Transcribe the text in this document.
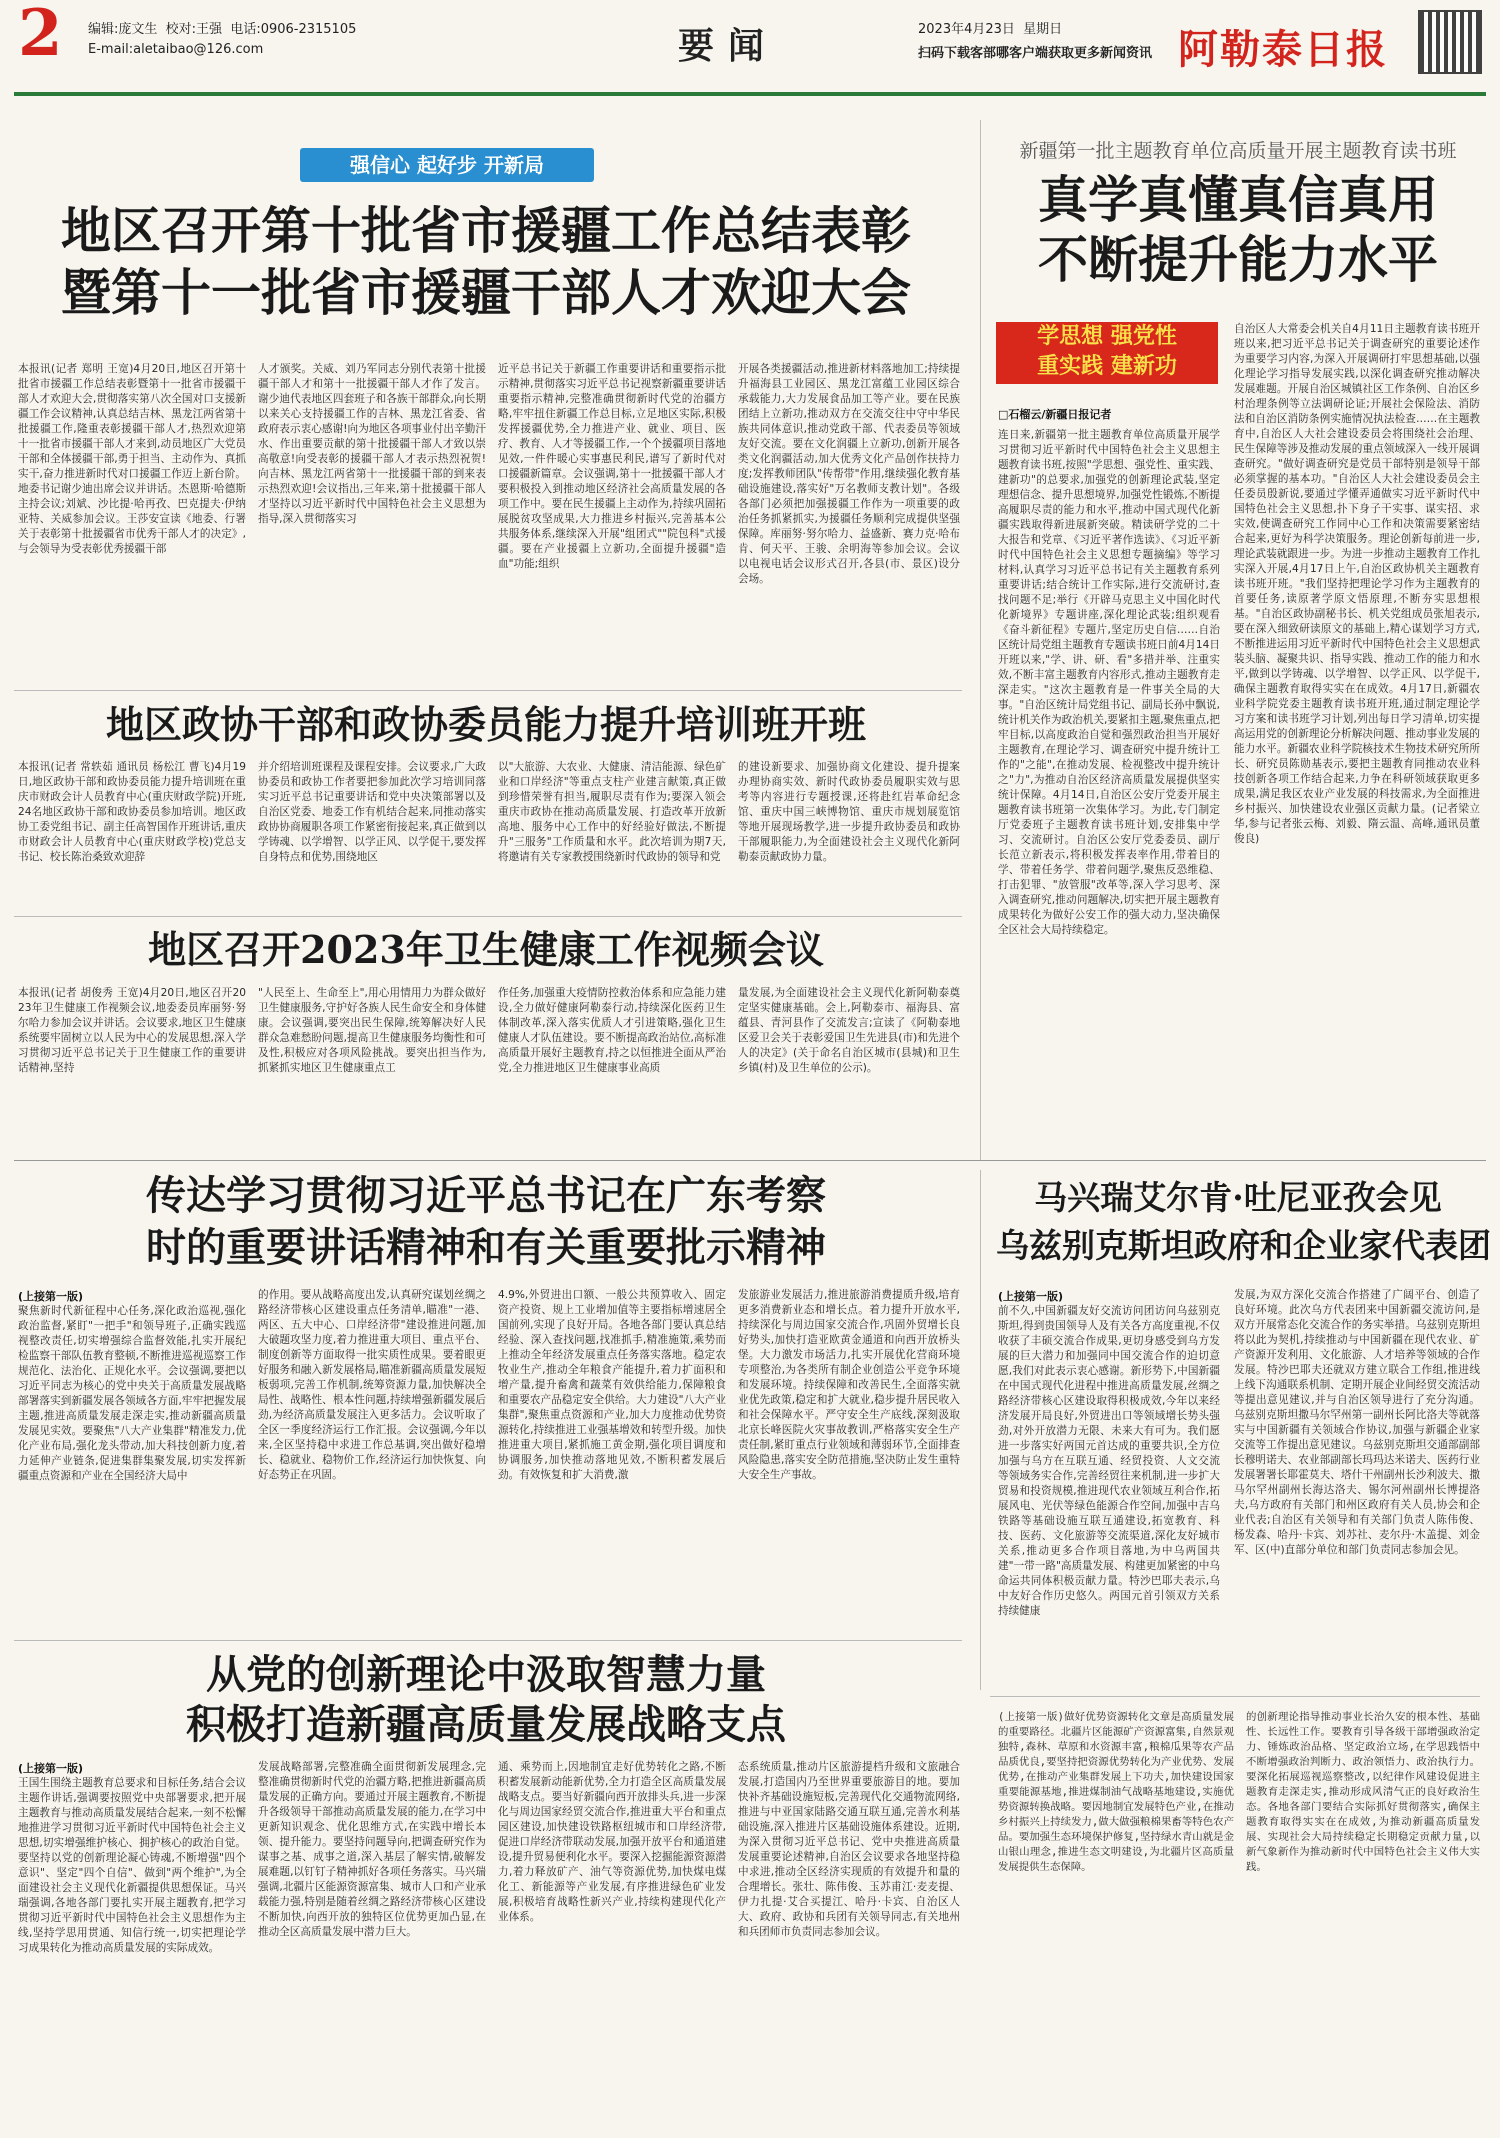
2 编辑:庞文生 校对:王强 电话:0906-2315105
E-mail:aletaibao@126.com	要闻	2023年4月23日 星期日
扫码下载客部哪客户端获取更多新闻资讯 阿勒泰日报
强信心 起好步 开新局
地区召开第十批省市援疆工作总结表彰
暨第十一批省市援疆干部人才欢迎大会
本报讯(记者 郑明 王宽)4月20日,地区召开第十批省市援疆工作总结表彰暨第十一批省市援疆干部人才欢迎大会,贯彻落实第八次全国对口支援新疆工作会议精神,认真总结吉林、黑龙江两省第十批援疆工作,隆重表彰援疆干部人才,热烈欢迎第十一批省市援疆干部人才来到,动员地区广大党员干部和全体援疆干部,勇于担当、主动作为、真抓实干,奋力推进新时代对口援疆工作迈上新台阶。地委书记谢少迪出席会议并讲话。杰恩斯·哈德斯主持会议;刘斌、沙比提·哈再孜、巴克提夫·伊纳亚特、关威参加会议。王莎安宣读《地委、行署关于表彰第十批援疆省市优秀干部人才的决定》,与会领导为受表彰优秀援疆干部
人才颁奖。关威、刘乃军同志分别代表第十批援疆干部人才和第十一批援疆干部人才作了发言。谢少迪代表地区四套班子和各族干部群众,向长期以来关心支持援疆工作的吉林、黑龙江省委、省政府表示衷心感谢!向为地区各项事业付出辛勤汗水、作出重要贡献的第十批援疆干部人才致以崇高敬意!向受表彰的援疆干部人才表示热烈祝贺!向吉林、黑龙江两省第十一批援疆干部的到来表示热烈欢迎!会议指出,三年来,第十批援疆干部人才坚持以习近平新时代中国特色社会主义思想为指导,深入贯彻落实习
近平总书记关于新疆工作重要讲话和重要指示批示精神,贯彻落实习近平总书记视察新疆重要讲话重要指示精神,完整准确贯彻新时代党的治疆方略,牢牢扭住新疆工作总目标,立足地区实际,积极发挥援疆优势,全力推进产业、就业、项目、医疗、教育、人才等援疆工作,一个个援疆项目落地见效,一件件暖心实事惠民利民,谱写了新时代对口援疆新篇章。会议强调,第十一批援疆干部人才要积极投入到推动地区经济社会高质量发展的各项工作中。要在民生援疆上主动作为,持续巩固拓展脱贫攻坚成果,大力推进乡村振兴,完善基本公共服务体系,继续深入开展"组团式""院包科"式援疆。要在产业援疆上立新功,全面提升援疆"造血"功能;组织
开展各类援疆活动,推进新材料落地加工;持续提升福海县工业园区、黑龙江富蕴工业园区综合承载能力,大力发展食品加工等产业。要在民族团结上立新功,推动双方在交流交往中守中华民族共同体意识,推动党政干部、代表委员等领域友好交流。要在文化润疆上立新功,创新开展各类文化润疆活动,加大优秀文化产品创作扶持力度;发挥教师团队"传帮带"作用,继续强化教育基础设施建设,落实好"万名教师支教计划"。各级各部门必须把加强援疆工作作为一项重要的政治任务抓紧抓实,为援疆任务顺利完成提供坚强保障。库丽努·努尔哈力、益盛新、赛力克·哈布肯、何天平、王骏、余明海等参加会议。会议以电视电话会议形式召开,各县(市、景区)设分会场。
地区政协干部和政协委员能力提升培训班开班
本报讯(记者 常轶茹 通讯员 杨松江 曹飞)4月19日,地区政协干部和政协委员能力提升培训班在重庆市财政会计人员教育中心(重庆财政学院)开班,24名地区政协干部和政协委员参加培训。地区政协工委党组书记、副主任高智国作开班讲话,重庆市财政会计人员教育中心(重庆财政学校)党总支书记、校长陈治桑致欢迎辞
并介绍培训班课程及课程安排。会议要求,广大政协委员和政协工作者要把参加此次学习培训同落实习近平总书记重要讲话和党中央决策部署以及自治区党委、地委工作有机结合起来,同推动落实政协协商履职各项工作紧密衔接起来,真正做到以学铸魂、以学增智、以学正风、以学促干,要发挥自身特点和优势,围绕地区
以"大旅游、大农业、大健康、清洁能源、绿色矿业和口岸经济"等重点支柱产业建言献策,真正做到珍惜荣誉有担当,履职尽责有作为;要深入领会重庆市政协在推动高质量发展、打造改革开放新高地、服务中心工作中的好经验好做法,不断提升"三服务"工作质量和水平。此次培训为期7天,将邀请有关专家教授围绕新时代政协的领导和党
的建设新要求、加强协商文化建设、提升提案办理协商实效、新时代政协委员履职实效与思考等内容进行专题授课,还将赴红岩革命纪念馆、重庆中国三峡博物馆、重庆市规划展览馆等地开展现场教学,进一步提升政协委员和政协干部履职能力,为全面建设社会主义现代化新阿勒泰贡献政协力量。
地区召开2023年卫生健康工作视频会议
本报讯(记者 胡俊秀 王宽)4月20日,地区召开2023年卫生健康工作视频会议,地委委员库丽努·努尔哈力参加会议并讲话。会议要求,地区卫生健康系统要牢固树立以人民为中心的发展思想,深入学习贯彻习近平总书记关于卫生健康工作的重要讲话精神,坚持
"人民至上、生命至上",用心用情用力为群众做好卫生健康服务,守护好各族人民生命安全和身体健康。会议强调,要突出民生保障,统筹解决好人民群众急难愁盼问题,提高卫生健康服务均衡性和可及性,积极应对各项风险挑战。要突出担当作为,抓紧抓实地区卫生健康重点工
作任务,加强重大疫情防控救治体系和应急能力建设,全力做好健康阿勒泰行动,持续深化医药卫生体制改革,深入落实优质人才引进策略,强化卫生健康人才队伍建设。要不断提高政治站位,高标准高质量开展好主题教育,持之以恒推进全面从严治党,全力推进地区卫生健康事业高质
量发展,为全面建设社会主义现代化新阿勒泰奠定坚实健康基础。会上,阿勒泰市、福海县、富蕴县、青河县作了交流发言;宣读了《阿勒泰地区爱卫会关于表彰爱国卫生先进县(市)和先进个人的决定》(关于命名自治区城市(县城)和卫生乡镇(村)及卫生单位的公示)。
新疆第一批主题教育单位高质量开展主题教育读书班
真学真懂真信真用
不断提升能力水平
学思想 强党性
重实践 建新功
□石榴云/新疆日报记者
连日来,新疆第一批主题教育单位高质量开展学习贯彻习近平新时代中国特色社会主义思想主题教育读书班,按照"学思想、强党性、重实践、建新功"的总要求,加强党的创新理论武装,坚定理想信念、提升思想境界,加强党性锻炼,不断提高履职尽责的能力和水平,推动中国式现代化新疆实践取得新进展新突破。精读研学党的二十大报告和党章、《习近平著作选读》、《习近平新时代中国特色社会主义思想专题摘编》等学习材料,认真学习习近平总书记有关主题教育系列重要讲话;结合统计工作实际,进行交流研讨,查找问题不足;举行《开辟马克思主义中国化时代化新境界》专题讲座,深化理论武装;组织观看《奋斗新征程》专题片,坚定历史自信……自治区统计局党组主题教育专题读书班日前4月14日开班以来,"学、讲、研、看"多措并举、注重实效,不断丰富主题教育内容形式,推动主题教育走深走实。"这次主题教育是一件事关全局的大事。"自治区统计局党组书记、副局长孙中飘说,统计机关作为政治机关,要紧扣主题,聚焦重点,把牢目标,以高度政治自觉和强烈政治担当开展好主题教育,在理论学习、调查研究中提升统计工作的"之能",在推动发展、检视整改中提升统计之"力",为推动自治区经济高质量发展提供坚实统计保障。4月14日,自治区公安厅党委开展主题教育读书班第一次集体学习。为此,专门制定厅党委班子主题教育读书班计划,安排集中学习、交流研讨。自治区公安厅党委委员、副厅长范立新表示,将积极发挥表率作用,带着目的学、带着任务学、带着问题学,聚焦反恐维稳、打击犯罪、"放管服"改革等,深入学习思考、深入调查研究,推动问题解决,切实把开展主题教育成果转化为做好公安工作的强大动力,坚决确保全区社会大局持续稳定。
自治区人大常委会机关自4月11日主题教育读书班开班以来,把习近平总书记关于调查研究的重要论述作为重要学习内容,为深入开展调研打牢思想基础,以强化理论学习指导发展实践,以深化调查研究推动解决发展难题。开展自治区城镇社区工作条例、自治区乡村治理条例等立法调研论证;开展社会保险法、消防法和自治区消防条例实施情况执法检查……在主题教育中,自治区人大社会建设委员会将围绕社会治理、民生保障等涉及推动发展的重点领域深入一线开展调查研究。"做好调查研究是党员干部特别是领导干部必须掌握的基本功。"自治区人大社会建设委员会主任委员殷新说,要通过学懂弄通做实习近平新时代中国特色社会主义思想,扑下身子干实事、谋实招、求实效,使调查研究工作同中心工作和决策需要紧密结合起来,更好为科学决策服务。理论创新每前进一步,理论武装就跟进一步。为进一步推动主题教育工作扎实深入开展,4月17日上午,自治区政协机关主题教育读书班开班。"我们坚持把理论学习作为主题教育的首要任务,读原著学原文悟原理,不断夯实思想根基。"自治区政协副秘书长、机关党组成员张旭表示,要在深入细致研读原文的基础上,精心谋划学习方式,不断推进运用习近平新时代中国特色社会主义思想武装头脑、凝聚共识、指导实践、推动工作的能力和水平,做到以学铸魂、以学增智、以学正风、以学促干,确保主题教育取得实实在在成效。4月17日,新疆农业科学院党委主题教育读书班开班,通过制定理论学习方案和读书班学习计划,列出每日学习清单,切实提高运用党的创新理论分析解决问题、推动事业发展的能力水平。新疆农业科学院核技术生物技术研究所所长、研究员陈勋基表示,要把主题教育同推动农业科技创新各项工作结合起来,力争在科研领域获取更多成果,满足我区农业产业发展的科技需求,为全面推进乡村振兴、加快建设农业强区贡献力量。(记者梁立华,参与记者张云梅、刘毅、隋云温、高峰,通讯员董俊良)
传达学习贯彻习近平总书记在广东考察
时的重要讲话精神和有关重要批示精神
(上接第一版)
聚焦新时代新征程中心任务,深化政治巡视,强化政治监督,紧盯"一把手"和领导班子,正确实践巡视整改责任,切实增强综合监督效能,扎实开展纪检监察干部队伍教育整顿,不断推进巡视巡察工作规范化、法治化、正规化水平。会议强调,要把以习近平同志为核心的党中央关于高质量发展战略部署落实到新疆发展各领域各方面,牢牢把握发展主题,推进高质量发展走深走实,推动新疆高质量发展见实效。要聚焦"八大产业集群"精准发力,优化产业布局,强化龙头带动,加大科技创新力度,着力延伸产业链条,促进集群集聚发展,切实发挥新疆重点资源和产业在全国经济大局中
的作用。要从战略高度出发,认真研究谋划丝绸之路经济带核心区建设重点任务清单,瞄准"一港、两区、五大中心、口岸经济带"建设推进问题,加大破题攻坚力度,着力推进重大项目、重点平台、制度创新等方面取得一批实质性成果。要着眼更好服务和融入新发展格局,瞄准新疆高质量发展短板弱项,完善工作机制,统筹资源力量,加快解决全局性、战略性、根本性问题,持续增强新疆发展后劲,为经济高质量发展注入更多活力。会议听取了全区一季度经济运行工作汇报。会议强调,今年以来,全区坚持稳中求进工作总基调,突出做好稳增长、稳就业、稳物价工作,经济运行加快恢复、向好态势正在巩固。
4.9%,外贸进出口额、一般公共预算收入、固定资产投资、规上工业增加值等主要指标增速居全国前列,实现了良好开局。各地各部门要认真总结经验、深入查找问题,找准抓手,精准施策,乘势而上推动全年经济发展重点任务落实落地。稳定农牧业生产,推动全年粮食产能提升,着力扩面积和增产量,提升畜禽和蔬菜有效供给能力,保障粮食和重要农产品稳定安全供给。大力建设"八大产业集群",聚焦重点资源和产业,加大力度推动优势资源转化,持续推进工业强基增效和转型升级。加快推进重大项目,紧抓施工黄金期,强化项目调度和协调服务,加快推动落地见效,不断积蓄发展后劲。有效恢复和扩大消费,激
发旅游业发展活力,推进旅游消费提质升级,培育更多消费新业态和增长点。着力提升开放水平,持续深化与周边国家交流合作,巩固外贸增长良好势头,加快打造亚欧黄金通道和向西开放桥头堡。大力激发市场活力,扎实开展优化营商环境专项整治,为各类所有制企业创造公平竞争环境和发展环境。持续保障和改善民生,全面落实就业优先政策,稳定和扩大就业,稳步提升居民收入和社会保障水平。严守安全生产底线,深刻汲取北京长峰医院火灾事故教训,严格落实安全生产责任制,紧盯重点行业领域和薄弱环节,全面排查风险隐患,落实安全防范措施,坚决防止发生重特大安全生产事故。
马兴瑞艾尔肯·吐尼亚孜会见
乌兹别克斯坦政府和企业家代表团
(上接第一版)
前不久,中国新疆友好交流访问团访问乌兹别克斯坦,得到贵国领导人及有关各方高度重视,不仅收获了丰硕交流合作成果,更切身感受到乌方发展的巨大潜力和加强同中国交流合作的迫切意愿,我们对此表示衷心感谢。新形势下,中国新疆在中国式现代化进程中推进高质量发展,丝绸之路经济带核心区建设取得积极成效,今年以来经济发展开局良好,外贸进出口等领域增长势头强劲,对外开放潜力无限、未来大有可为。我们愿进一步落实好两国元首达成的重要共识,全方位加强与乌方在互联互通、经贸投资、人文交流等领域务实合作,完善经贸往来机制,进一步扩大贸易和投资规模,推进现代农业领域互利合作,拓展风电、光伏等绿色能源合作空间,加强中吉乌铁路等基础设施互联互通建设,拓宽教育、科技、医药、文化旅游等交流渠道,深化友好城市关系,推动更多合作项目落地,为中乌两国共建"一带一路"高质量发展、构建更加紧密的中乌命运共同体积极贡献力量。特沙巴耶夫表示,乌中友好合作历史悠久。两国元首引领双方关系持续健康
发展,为双方深化交流合作搭建了广阔平台、创造了良好环境。此次乌方代表团来中国新疆交流访问,是双方开展常态化交流合作的务实举措。乌兹别克斯坦将以此为契机,持续推动与中国新疆在现代农业、矿产资源开发利用、文化旅游、人才培养等领域的合作发展。特沙巴耶夫还就双方建立联合工作组,推进线上线下沟通联系机制、定期开展企业间经贸交流活动等提出意见建议,并与自治区领导进行了充分沟通。乌兹别克斯坦撒马尔罕州第一副州长阿比洛夫等就落实与中国新疆有关领域合作协议,加强与新疆企业家交流等工作提出意见建议。乌兹别克斯坦交通部副部长穆明诺夫、农业部副部长玛玛达米诺夫、医药行业发展署署长耶霍莫夫、塔什干州副州长沙利波夫、撒马尔罕州副州长海达洛夫、锡尔河州副州长博提洛夫,乌方政府有关部门和州区政府有关人员,协会和企业代表;自治区有关领导和有关部门负责人陈伟俊、杨发森、哈丹·卡宾、刘苏社、麦尔丹·木盖提、刘金军、区(中)直部分单位和部门负责同志参加会见。
从党的创新理论中汲取智慧力量
积极打造新疆高质量发展战略支点
(上接第一版)
王国生围绕主题教育总要求和目标任务,结合会议主题作讲话,强调要按照党中央部署要求,把开展主题教育与推动高质量发展结合起来,一刻不松懈地推进学习贯彻习近平新时代中国特色社会主义思想,切实增强维护核心、拥护核心的政治自觉。要坚持以党的创新理论凝心铸魂,不断增强"四个意识"、坚定"四个自信"、做到"两个维护",为全面建设社会主义现代化新疆提供思想保证。马兴瑞强调,各地各部门要扎实开展主题教育,把学习贯彻习近平新时代中国特色社会主义思想作为主线,坚持学思用贯通、知信行统一,切实把理论学习成果转化为推动高质量发展的实际成效。
发展战略部署,完整准确全面贯彻新发展理念,完整准确贯彻新时代党的治疆方略,把推进新疆高质量发展的正确方向。要通过开展主题教育,不断提升各级领导干部推动高质量发展的能力,在学习中更新知识观念、优化思维方式,在实践中增长本领、提升能力。要坚持问题导向,把调查研究作为谋事之基、成事之道,深入基层了解实情,破解发展难题,以钉钉子精神抓好各项任务落实。马兴瑞强调,北疆片区能源资源富集、城市人口和产业承载能力强,特别是随着丝绸之路经济带核心区建设不断加快,向西开放的独特区位优势更加凸显,在推动全区高质量发展中潜力巨大。
通、乘势而上,因地制宜走好优势转化之路,不断积蓄发展新动能新优势,全力打造全区高质量发展战略支点。要当好新疆向西开放排头兵,进一步深化与周边国家经贸交流合作,推进重大平台和重点园区建设,加快建设铁路枢纽城市和口岸经济带,促进口岸经济带联动发展,加强开放平台和通道建设,提升贸易便利化水平。要深入挖掘能源资源潜力,着力释放矿产、油气等资源优势,加快煤电煤化工、新能源等产业发展,有序推进绿色矿业发展,积极培育战略性新兴产业,持续构建现代化产业体系。
态系统质量,推动片区旅游提档升级和文旅融合发展,打造国内乃至世界重要旅游目的地。要加快补齐基础设施短板,完善现代化交通物流网络,推进与中亚国家陆路交通互联互通,完善水利基础设施,深入推进片区基础设施体系建设。近期,为深入贯彻习近平总书记、党中央推进高质量发展重要论述精神,自治区会议要求各地坚持稳中求进,推动全区经济实现质的有效提升和量的合理增长。张壮、陈伟俊、玉苏甫江·麦麦提、伊力扎提·艾合买提江、哈丹·卡宾、自治区人大、政府、政协和兵团有关领导同志,有关地州和兵团师市负责同志参加会议。
(上接第一版)做好优势资源转化文章是高质量发展的重要路径。北疆片区能源矿产资源富集,自然景观独特,森林、草原和水资源丰富,粮棉瓜果等农产品品质优良,要坚持把资源优势转化为产业优势、发展优势,在推动产业集群发展上下功夫,加快建设国家重要能源基地,推进煤制油气战略基地建设,实施优势资源转换战略。要因地制宜发展特色产业,在推动乡村振兴上持续发力,做大做强粮棉果畜等特色农产品。要加强生态环境保护修复,坚持绿水青山就是金山银山理念,推进生态文明建设,为北疆片区高质量发展提供生态保障。
的创新理论指导推动事业长治久安的根本性、基础性、长远性工作。要教育引导各级干部增强政治定力、锤炼政治品格、坚定政治立场,在学思践悟中不断增强政治判断力、政治领悟力、政治执行力。要深化拓展巡视巡察整改,以纪律作风建设促进主题教育走深走实,推动形成风清气正的良好政治生态。各地各部门要结合实际抓好贯彻落实,确保主题教育取得实实在在成效,为推动新疆高质量发展、实现社会大局持续稳定长期稳定贡献力量,以新气象新作为推动新时代中国特色社会主义伟大实践。
